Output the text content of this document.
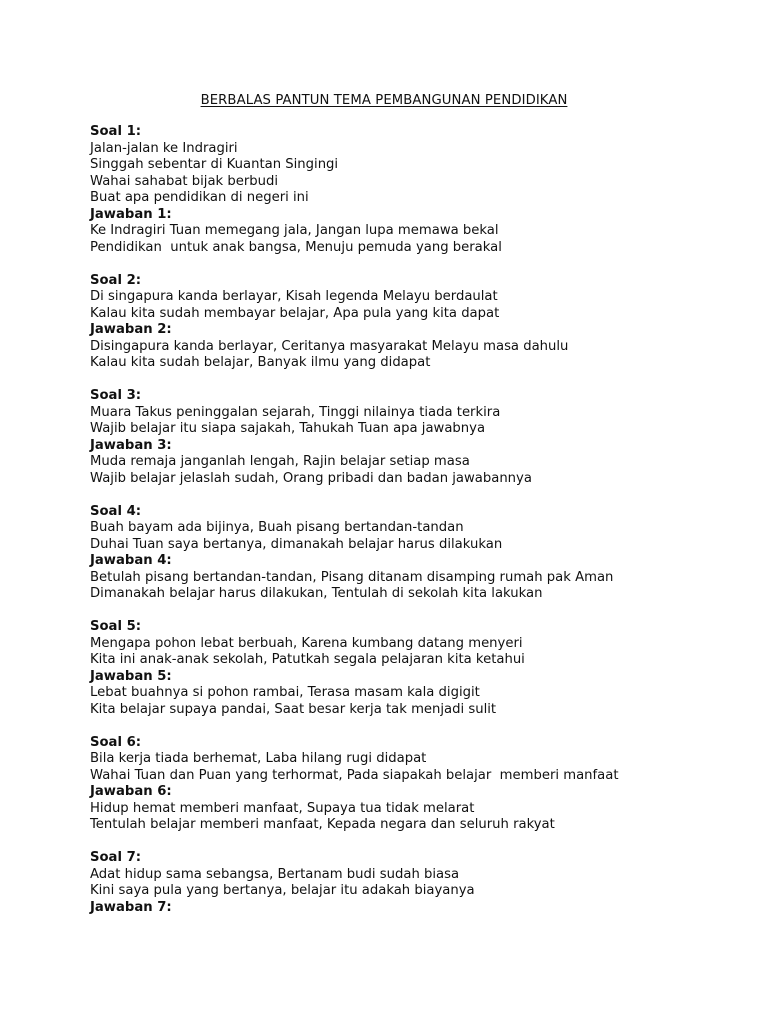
BERBALAS PANTUN TEMA PEMBANGUNAN PENDIDIKAN
Soal 1:
Jalan-jalan ke Indragiri
Singgah sebentar di Kuantan Singingi
Wahai sahabat bijak berbudi
Buat apa pendidikan di negeri ini
Jawaban 1:
Ke Indragiri Tuan memegang jala, Jangan lupa memawa bekal
Pendidikan  untuk anak bangsa, Menuju pemuda yang berakal
Soal 2:
Di singapura kanda berlayar, Kisah legenda Melayu berdaulat
Kalau kita sudah membayar belajar, Apa pula yang kita dapat
Jawaban 2:
Disingapura kanda berlayar, Ceritanya masyarakat Melayu masa dahulu
Kalau kita sudah belajar, Banyak ilmu yang didapat
Soal 3:
Muara Takus peninggalan sejarah, Tinggi nilainya tiada terkira
Wajib belajar itu siapa sajakah, Tahukah Tuan apa jawabnya
Jawaban 3:
Muda remaja janganlah lengah, Rajin belajar setiap masa
Wajib belajar jelaslah sudah, Orang pribadi dan badan jawabannya
Soal 4:
Buah bayam ada bijinya, Buah pisang bertandan-tandan
Duhai Tuan saya bertanya, dimanakah belajar harus dilakukan
Jawaban 4:
Betulah pisang bertandan-tandan, Pisang ditanam disamping rumah pak Aman
Dimanakah belajar harus dilakukan, Tentulah di sekolah kita lakukan
Soal 5:
Mengapa pohon lebat berbuah, Karena kumbang datang menyeri
Kita ini anak-anak sekolah, Patutkah segala pelajaran kita ketahui
Jawaban 5:
Lebat buahnya si pohon rambai, Terasa masam kala digigit
Kita belajar supaya pandai, Saat besar kerja tak menjadi sulit
Soal 6:
Bila kerja tiada berhemat, Laba hilang rugi didapat
Wahai Tuan dan Puan yang terhormat, Pada siapakah belajar  memberi manfaat
Jawaban 6:
Hidup hemat memberi manfaat, Supaya tua tidak melarat
Tentulah belajar memberi manfaat, Kepada negara dan seluruh rakyat
Soal 7:
Adat hidup sama sebangsa, Bertanam budi sudah biasa
Kini saya pula yang bertanya, belajar itu adakah biayanya
Jawaban 7:
